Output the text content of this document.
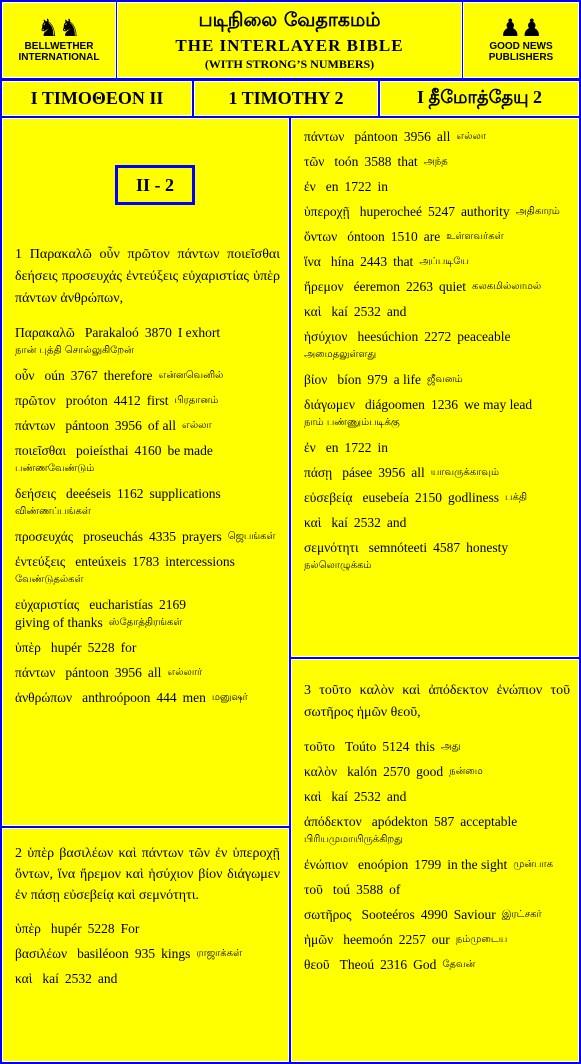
♞♞
BELLWETHER
INTERNATIONAL
படிநிலை வேதாகமம்
THE INTERLAYER BIBLE
(WITH STRONG’S NUMBERS)
♟♟
GOOD NEWS
PUBLISHERS
I TIMOΘEON II	1 TIMOTHY 2	I தீமோத்தேயு 2
1 Παρακαλῶ οὖν πρῶτον πάντων ποιεῖσθαι δεήσεις προσευχάς ἐντεύξεις εὐχαριστίας ὑπὲρ πάντων ἀνθρώπων,
Παρακαλῶ Parakaloó 3870 I exhort
நான் புத்தி சொல்லுகிறேன்
οὖν oún 3767 therefore என்னவெனில்
πρῶτον proóton 4412 first பிரதானம்
πάντων pántoon 3956 of all எல்லா
ποιεῖσθαι poieísthai 4160 be made
பண்ணவேண்டும்
δεήσεις deeéseis 1162 supplications
விண்ணப்பங்கள்
προσευχάς proseuchás 4335 prayers ஜெபங்கள்
ἐντεύξεις enteúxeis 1783 intercessions
வேண்டுதல்கள்
εὐχαριστίας eucharistías 2169
giving of thanks ஸ்தோத்திரங்கள்
ὑπὲρ hupér 5228 for
πάντων pántoon 3956 all எல்லார்
ἀνθρώπων anthroópoon 444 men மனுஷர்
II - 2
2 ὑπὲρ βασιλέων καὶ πάντων τῶν ἐν ὑπεροχῇ ὄντων, ἵνα ἤρεμον καὶ ἡσύχιον βίον διάγωμεν ἐν πάσῃ εὐσεβείᾳ καὶ σεμνότητι.
ὑπὲρ hupér 5228 For
βασιλέων basiléoon 935 kings ராஜாக்கள்
καὶ kaí 2532 and
πάντων pántoon 3956 all எல்லா
τῶν toón 3588 that அந்த
ἐν en 1722 in
ὑπεροχῇ huperocheé 5247 authority அதிகாரம்
ὄντων óntoon 1510 are உள்ளவர்கள்
ἵνα hína 2443 that அப்படியே
ἤρεμον éeremon 2263 quiet கலகமில்லாமல்
καὶ kaí 2532 and
ἡσύχιον heesúchion 2272 peaceable
அமைதலுள்ளது
βίον bíon 979 a life ஜீவனம்
διάγωμεν diágoomen 1236 we may lead
நாம் பண்ணும்படிக்கு
ἐν en 1722 in
πάσῃ pásee 3956 all யாவருக்காவும்
εὐσεβείᾳ eusebeía 2150 godliness பக்தி
καὶ kaí 2532 and
σεμνότητι semnóteeti 4587 honesty
நல்லொழுக்கம்
3 τοῦτο καλὸν καὶ ἀπόδεκτον ἐνώπιον τοῦ σωτῆρος ἡμῶν θεοῦ,
τοῦτο Toúto 5124 this அது
καλὸν kalón 2570 good நன்மை
καὶ kaí 2532 and
ἀπόδεκτον apódekton 587 acceptable
பிரியமுமாயிருக்கிறது
ἐνώπιον enoópion 1799 in the sight முன்பாக
τοῦ toú 3588 of
σωτῆρος Sooteéros 4990 Saviour இரட்சகர்
ἡμῶν heemoón 2257 our நம்முடைய
θεοῦ Theoú 2316 God தேவன்
